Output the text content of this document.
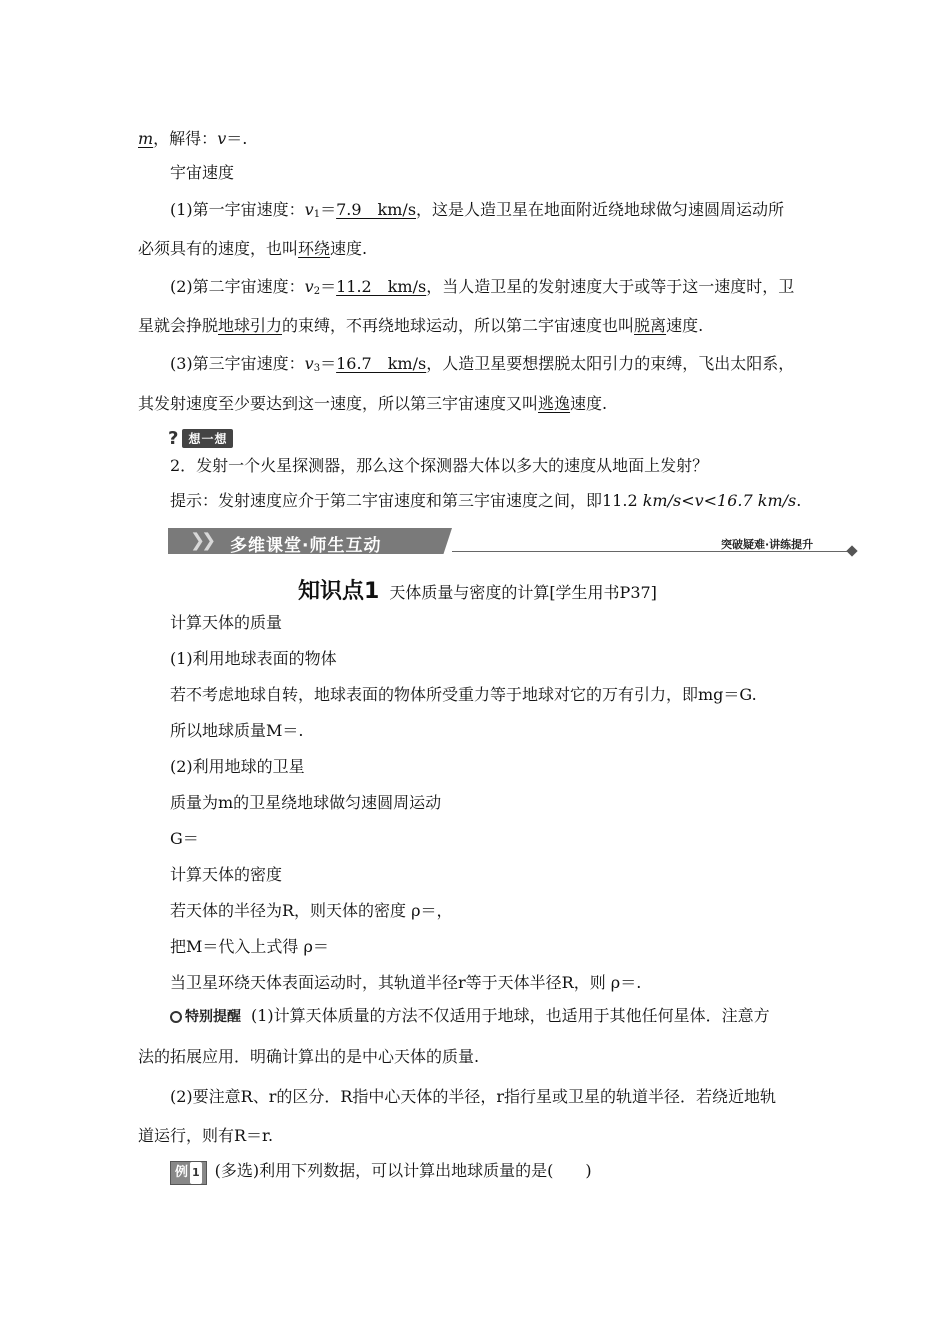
m，解得：v＝.
宇宙速度
(1)第一宇宙速度：$v_1=7.9$　km/s，这是人造卫星在地面附近绕地球做匀速圆周运动所
必须具有的速度，也叫环绕速度.
(2)第二宇宙速度：$v_2=11.2$　km/s，当人造卫星的发射速度大于或等于这一速度时，卫
星就会挣脱地球引力的束缚，不再绕地球运动，所以第二宇宙速度也叫脱离速度.
(3)第三宇宙速度：$v_3=16.7$　km/s，人造卫星要想摆脱太阳引力的束缚，飞出太阳系，
其发射速度至少要达到这一速度，所以第三宇宙速度又叫逃逸速度.
? 想一想
2．发射一个火星探测器，那么这个探测器大体以多大的速度从地面上发射？
提示：发射速度应介于第二宇宙速度和第三宇宙速度之间，即11.2 km/s<v<16.7 km/s.
❯❯ 多维课堂·师生互动	突破疑难·讲练提升
知识点1 天体质量与密度的计算[学生用书P37]
计算天体的质量
(1)利用地球表面的物体
若不考虑地球自转，地球表面的物体所受重力等于地球对它的万有引力，即mg＝G.
所以地球质量M＝.
(2)利用地球的卫星
质量为m的卫星绕地球做匀速圆周运动
G＝
计算天体的密度
若天体的半径为R，则天体的密度 ρ＝，
把M＝代入上式得 ρ＝
当卫星环绕天体表面运动时，其轨道半径r等于天体半径R，则 ρ＝.
特别提醒 (1)计算天体质量的方法不仅适用于地球，也适用于其他任何星体．注意方
法的拓展应用．明确计算出的是中心天体的质量.
(2)要注意R、r的区分．R指中心天体的半径，r指行星或卫星的轨道半径．若绕近地轨
道运行，则有R＝r.
例 1 (多选)利用下列数据，可以计算出地球质量的是(　　)
